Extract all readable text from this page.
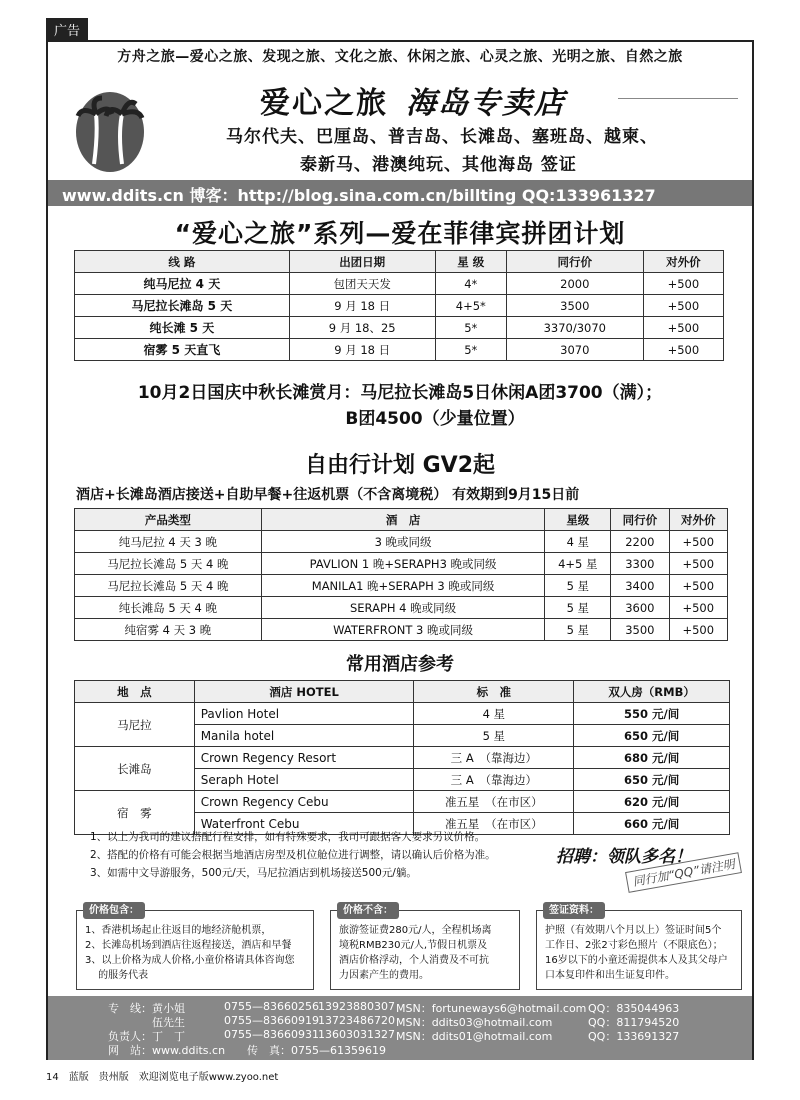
广告
方舟之旅—爱心之旅、发现之旅、文化之旅、休闲之旅、心灵之旅、光明之旅、自然之旅
爱心之旅 海岛专卖店
马尔代夫、巴厘岛、普吉岛、长滩岛、塞班岛、越柬、
泰新马、港澳纯玩、其他海岛 签证
www.ddits.cn 博客：http://blog.sina.com.cn/billting QQ:133961327
“爱心之旅”系列—爱在菲律宾拼团计划
线 路	出团日期	星 级	同行价	对外价
纯马尼拉 4 天	包团天天发	4*	2000	+500
马尼拉长滩岛 5 天	9 月 18 日	4+5*	3500	+500
纯长滩 5 天	9 月 18、25	5*	3370/3070	+500
宿雾 5 天直飞	9 月 18 日	5*	3070	+500
10月2日国庆中秋长滩赏月：马尼拉长滩岛5日休闲A团3700（满）；
B团4500（少量位置）
自由行计划 GV2起
酒店+长滩岛酒店接送+自助早餐+往返机票（不含离境税） 有效期到9月15日前
产品类型	酒　店	星级	同行价	对外价
纯马尼拉 4 天 3 晚	3 晚或同级	4 星	2200	+500
马尼拉长滩岛 5 天 4 晚	PAVLION 1 晚+SERAPH3 晚或同级	4+5 星	3300	+500
马尼拉长滩岛 5 天 4 晚	MANILA1 晚+SERAPH 3 晚或同级	5 星	3400	+500
纯长滩岛 5 天 4 晚	SERAPH 4 晚或同级	5 星	3600	+500
纯宿雾 4 天 3 晚	WATERFRONT 3 晚或同级	5 星	3500	+500
常用酒店参考
地　点	酒店 HOTEL	标　准	双人房（RMB）
马尼拉	Pavlion Hotel	4 星	550 元/间
	Manila hotel	5 星	650 元/间
长滩岛	Crown Regency Resort	三 A　（靠海边）	680 元/间
	Seraph Hotel	三 A　（靠海边）	650 元/间
宿　雾	Crown Regency Cebu	准五星　（在市区）	620 元/间
	Waterfront Cebu	准五星　（在市区）	660 元/间
1、以上为我司的建议搭配行程安排，如有特殊要求，我司可跟据客人要求另议价格。
2、搭配的价格有可能会根据当地酒店房型及机位舱位进行调整，请以确认后价格为准。
3、如需中文导游服务，500元/天，马尼拉酒店到机场接送500元/躺。
招聘：领队多名！
同行加“QQ”请注明
价格包含：
1、香港机场起止往返目的地经济舱机票，
2、长滩岛机场到酒店往返程接送，酒店和早餐
3、以上价格为成人价格,小童价格请具体咨询您
　 的服务代表
价格不含：
旅游签证费280元/人，全程机场离
境税RMB230元/人,节假日机票及
酒店价格浮动，个人消费及不可抗
力因素产生的费用。
签证资料：
护照（有效期八个月以上）签证时间5个
工作日、2张2寸彩色照片（不限底色）；
16岁以下的小童还需提供本人及其父母户
口本复印件和出生证复印件。
专　线：黄小姐	0755—83660256 13923880307 MSN：fortuneways6@hotmail.com QQ：835044963
　　　　伍先生	0755—83660919 13723486720 MSN：ddits03@hotmail.com	QQ：811794520
负责人：丁　丁	0755—83660931 13603031327 MSN：ddits01@hotmail.com	QQ：133691327
网　站：www.ddits.cn　　传　真：0755—61359619
14　蓝版　贵州版　欢迎浏览电子版www.zyoo.net
